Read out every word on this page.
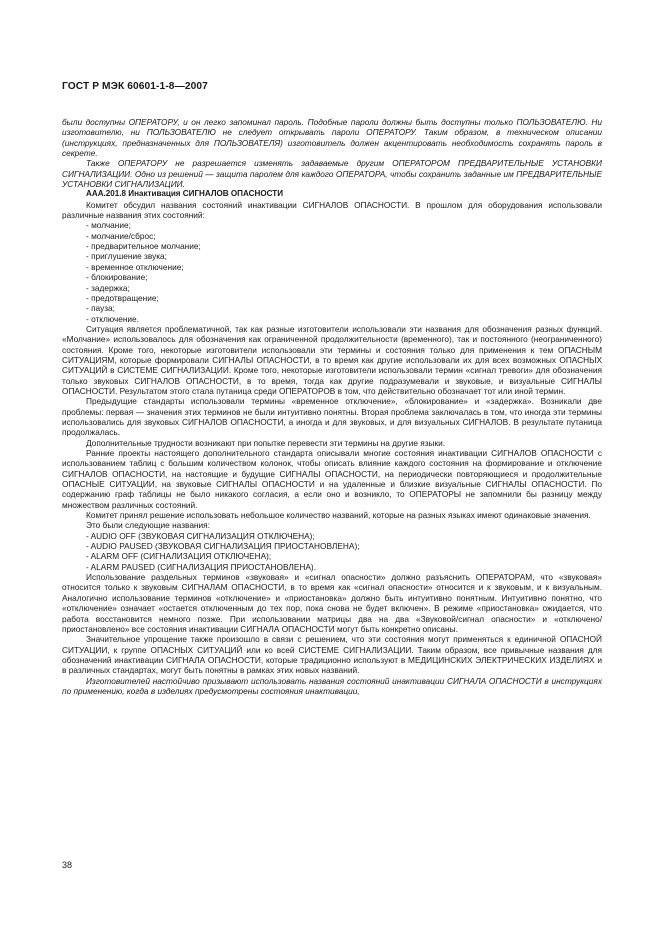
ГОСТ Р МЭК 60601-1-8—2007

были доступны ОПЕРАТОРУ, и он легко запоминал пароль. Подобные пароли должны быть доступны только ПОЛЬЗОВАТЕЛЮ. Ни изготовителю, ни ПОЛЬЗОВАТЕЛЮ не следует открывать пароли ОПЕРАТОРУ. Таким образом, в техническом описании (инструкциях, предназначенных для ПОЛЬЗОВАТЕЛЯ) изготовитель должен акцентировать необходимость сохранять пароль в секрете.

Также ОПЕРАТОРУ не разрешается изменять задаваемые другим ОПЕРАТОРОМ ПРЕДВАРИТЕЛЬНЫЕ УСТАНОВКИ СИГНАЛИЗАЦИИ. Одно из решений — защита паролем для каждого ОПЕРАТОРА, чтобы сохранить заданные им ПРЕДВАРИТЕЛЬНЫЕ УСТАНОВКИ СИГНАЛИЗАЦИИ.

ААА.201.8 Инактивация СИГНАЛОВ ОПАСНОСТИ

Комитет обсудил названия состояний инактивации СИГНАЛОВ ОПАСНОСТИ. В прошлом для оборудования использовали различные названия этих состояний:

- молчание;

- молчание/сброс;

- предварительное молчание;

- приглушение звука;

- временное отключение;

- блокирование;

- задержка;

- предотвращение;

- пауза;

- отключение.

Ситуация является проблематичной, так как разные изготовители использовали эти названия для обозначения разных функций. «Молчание» использовалось для обозначения как ограниченной продолжительности (временного), так и постоянного (неограниченного) состояния. Кроме того, некоторые изготовители использовали эти термины и состояния только для применения к тем ОПАСНЫМ СИТУАЦИЯМ, которые формировали СИГНАЛЫ ОПАСНОСТИ, в то время как другие использовали их для всех возможных ОПАСНЫХ СИТУАЦИЙ в СИСТЕМЕ СИГНАЛИЗАЦИИ. Кроме того, некоторые изготовители использовали термин «сигнал тревоги» для обозначения только звуковых СИГНАЛОВ ОПАСНОСТИ, в то время, тогда как другие подразумевали и звуковые, и визуальные СИГНАЛЫ ОПАСНОСТИ. Результатом этого стала путаница среди ОПЕРАТОРОВ в том, что действительно обозначает тот или иной термин.

Предыдущие стандарты использовали термины «временное отключение», «блокирование» и «задержка». Возникали две проблемы: первая — значения этих терминов не были интуитивно понятны. Вторая проблема заключалась в том, что иногда эти термины использовались для звуковых СИГНАЛОВ ОПАСНОСТИ, а иногда и для звуковых, и для визуальных СИГНАЛОВ. В результате путаница продолжалась.

Дополнительные трудности возникают при попытке перевести эти термины на другие языки.

Ранние проекты настоящего дополнительного стандарта описывали многие состояния инактивации СИГНАЛОВ ОПАСНОСТИ с использованием таблиц с большим количеством колонок, чтобы описать влияние каждого состояния на формирование и отключение СИГНАЛОВ ОПАСНОСТИ, на настоящие и будущие СИГНАЛЫ ОПАСНОСТИ, на периодически повторяющиеся и продолжительные ОПАСНЫЕ СИТУАЦИИ, на звуковые СИГНАЛЫ ОПАСНОСТИ и на удаленные и близкие визуальные СИГНАЛЫ ОПАСНОСТИ. По содержанию граф таблицы не было никакого согласия, а если оно и возникло, то ОПЕРАТОРЫ не запомнили бы разницу между множеством различных состояний.

Комитет принял решение использовать небольшое количество названий, которые на разных языках имеют одинаковые значения.

Это были следующие названия:

- AUDIO OFF (ЗВУКОВАЯ СИГНАЛИЗАЦИЯ ОТКЛЮЧЕНА);

- AUDIO PAUSED (ЗВУКОВАЯ СИГНАЛИЗАЦИЯ ПРИОСТАНОВЛЕНА);

- ALARM OFF (СИГНАЛИЗАЦИЯ ОТКЛЮЧЕНА);

- ALARM PAUSED (СИГНАЛИЗАЦИЯ ПРИОСТАНОВЛЕНА).

Использование раздельных терминов «звуковая» и «сигнал опасности» должно разъяснить ОПЕРАТОРАМ, что «звуковая» относится только к звуковым СИГНАЛАМ ОПАСНОСТИ, в то время как «сигнал опасности» относится и к звуковым, и к визуальным. Аналогично использование терминов «отключение» и «приостановка» должно быть интуитивно понятным. Интуитивно понятно, что «отключение» означает «остается отключенным до тех пор, пока снова не будет включен». В режиме «приостановка» ожидается, что работа восстановится немного позже. При использовании матрицы два на два «Звуковой/сигнал опасности» и «отключено/приостановлено» все состояния инактивации СИГНАЛА ОПАСНОСТИ могут быть конкретно описаны.

Значительное упрощение также произошло в связи с решением, что эти состояния могут применяться к единичной ОПАСНОЙ СИТУАЦИИ, к группе ОПАСНЫХ СИТУАЦИЙ или ко всей СИСТЕМЕ СИГНАЛИЗАЦИИ. Таким образом, все привычные названия для обозначений инактивации СИГНАЛА ОПАСНОСТИ, которые традиционно используют в МЕДИЦИНСКИХ ЭЛЕКТРИЧЕСКИХ ИЗДЕЛИЯХ и в различных стандартах, могут быть понятны в рамках этих новых названий.

Изготовителей настойчиво призывают использовать названия состояний инактивации СИГНАЛА ОПАСНОСТИ в инструкциях по применению, когда в изделиях предусмотрены состояния инактивации,

38
